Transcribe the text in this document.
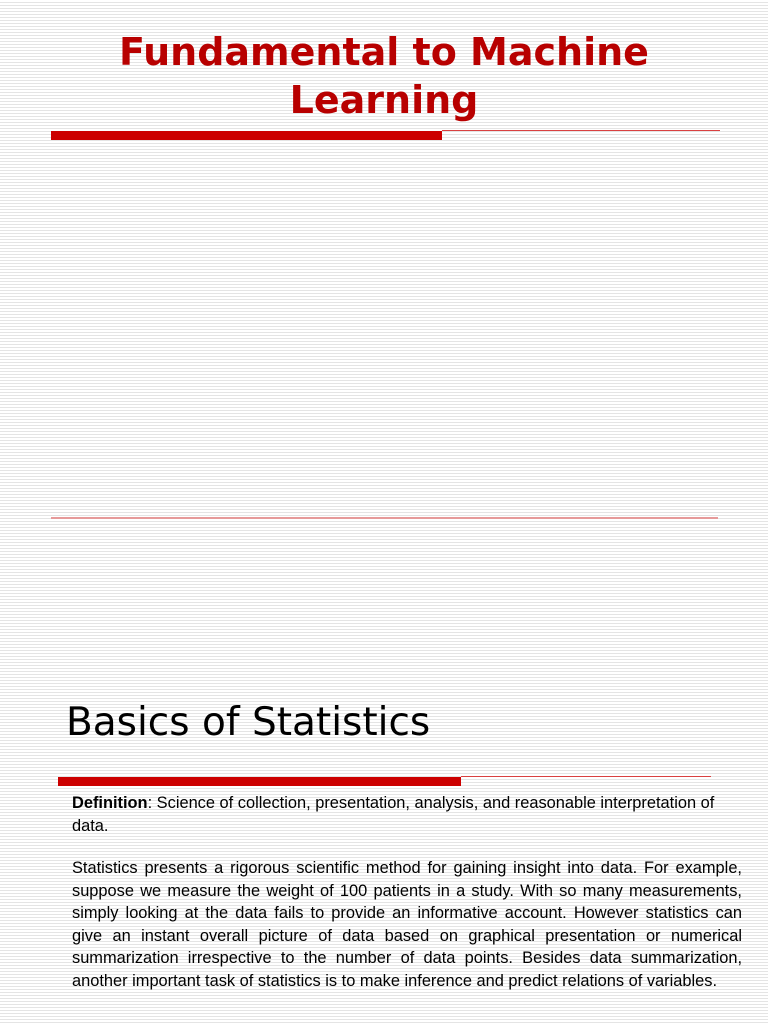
Fundamental to Machine
Learning
Basics of Statistics

Definition: Science of collection, presentation, analysis, and reasonable interpretation of data.

Statistics presents a rigorous scientific method for gaining insight into data. For example, suppose we measure the weight of 100 patients in a study. With so many measurements, simply looking at the data fails to provide an informative account. However statistics can give an instant overall picture of data based on graphical presentation or numerical summarization irrespective to the number of data points. Besides data summarization, another important task of statistics is to make inference and predict relations of variables.
